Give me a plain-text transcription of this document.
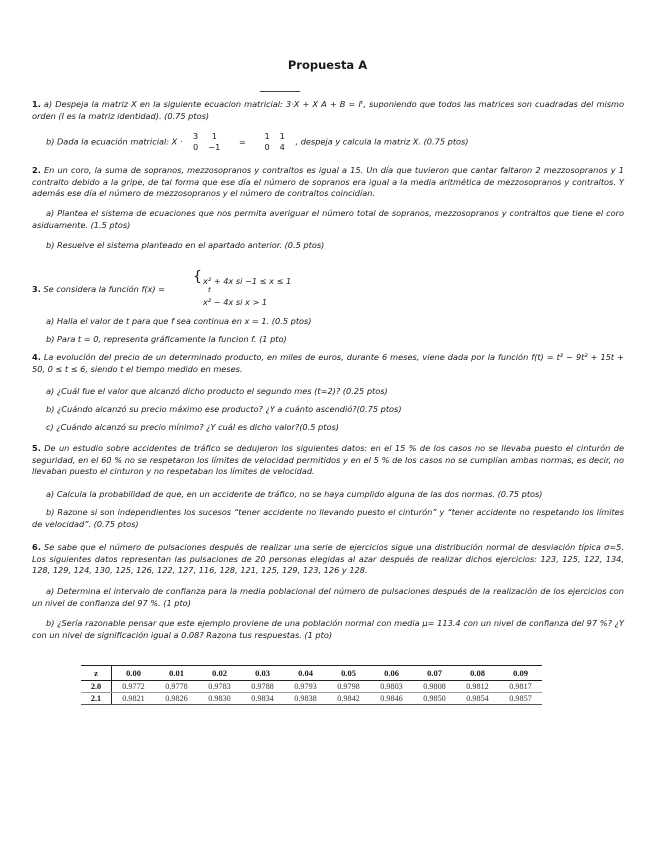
Propuesta A

1. a) Despeja la matriz X en la siguiente ecuacion matricial: 3·X + X A + B = Iᵗ, suponiendo que todos las matrices son cuadradas del mismo orden (I es la matriz identidad). (0.75 ptos)

b) Dada la ecuación matricial: X ·
3	1
0	−1
=
1	1
0	4
, despeja y calcula la matriz X. (0.75 ptos)

2. En un coro, la suma de sopranos, mezzosopranos y contraltos es igual a 15. Un día que tuvieron que cantar faltaron 2 mezzosopranos y 1 contralto debido a la gripe, de tal forma que ese día el número de sopranos era igual a la media aritmética de mezzosopranos y contraltos. Y además ese día el número de mezzosopranos y el número de contraltos coincidían.

a) Plantea el sistema de ecuaciones que nos permita averiguar el número total de sopranos, mezzosopranos y contraltos que tiene el coro asiduamente. (1.5 ptos)

b) Resuelve el sistema planteado en el apartado anterior. (0.5 ptos)

3. Se considera la función f(x) =
{ x² + 4x si −1 ≤ x ≤ 1
t
x² − 4x si x > 1

a) Halla el valor de t para que f sea continua en x = 1. (0.5 ptos)

b) Para t = 0, representa gráficamente la funcion f. (1 pto)

4. La evolución del precio de un determinado producto, en miles de euros, durante 6 meses, viene dada por la función f(t) = t³ − 9t² + 15t + 50, 0 ≤ t ≤ 6, siendo t el tiempo medido en meses.

a) ¿Cuál fue el valor que alcanzó dicho producto el segundo mes (t=2)? (0.25 ptos)

b) ¿Cuándo alcanzó su precio máximo ese producto? ¿Y a cuánto ascendió?(0.75 ptos)

c) ¿Cuándo alcanzó su precio mínimo? ¿Y cuál es dicho valor?(0.5 ptos)

5. De un estudio sobre accidentes de tráfico se dedujeron los siguientes datos: en el 15 % de los casos no se llevaba puesto el cinturón de seguridad, en el 60 % no se respetaron los límites de velocidad permitidos y en el 5 % de los casos no se cumplían ambas normas, es decir, no llevaban puesto el cinturon y no respetaban los límites de velocidad.

a) Calcula la probabilidad de que, en un accidente de tráfico, no se haya cumplido alguna de las dos normas. (0.75 ptos)

b) Razone si son independientes los sucesos “tener accidente no llevando puesto el cinturón” y “tener accidente no respetando los límites de velocidad”. (0.75 ptos)

6. Se sabe que el número de pulsaciones después de realizar una serie de ejercicios sigue una distribución normal de desviación típica σ=5. Los siguientes datos representan las pulsaciones de 20 personas elegidas al azar después de realizar dichos ejercicios: 123, 125, 122, 134, 128, 129, 124, 130, 125, 126, 122, 127, 116, 128, 121, 125, 129, 123, 126 y 128.

a) Determina el intervalo de confianza para la media poblacional del número de pulsaciones después de la realización de los ejercicios con un nivel de confianza del 97 %. (1 pto)

b) ¿Sería razonable pensar que este ejemplo proviene de una población normal con media μ= 113.4 con un nivel de confianza del 97 %? ¿Y con un nivel de significación igual a 0.08? Razona tus respuestas. (1 pto)

z	0.00	0.01	0.02	0.03	0.04	0.05	0.06	0.07	0.08	0.09
2.0	0.9772	0.9778	0.9783	0.9788	0.9793	0.9798	0.9803	0.9808	0.9812	0.9817
2.1	0.9821	0.9826	0.9830	0.9834	0.9838	0.9842	0.9846	0.9850	0.9854	0.9857
